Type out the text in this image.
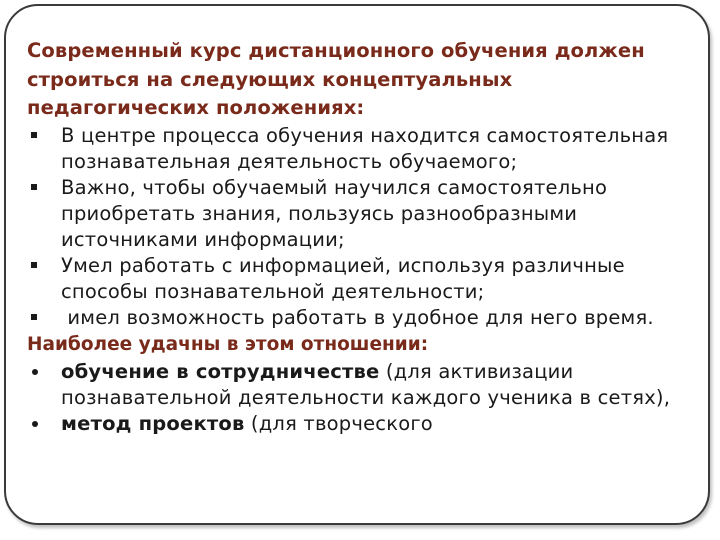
Современный курс дистанционного обучения должен строиться на следующих концептуальных педагогических положениях:

В центре процесса обучения находится самостоятельная познавательная деятельность обучаемого;
Важно, чтобы обучаемый научился самостоятельно приобретать знания, пользуясь разнообразными источниками информации;
Умел работать с информацией, используя различные способы познавательной деятельности;
имел возможность работать в удобное для него время.

Наиболее удачны в этом отношении:

обучение в сотрудничестве (для активизации познавательной деятельности каждого ученика в сетях),
метод проектов (для творческого
